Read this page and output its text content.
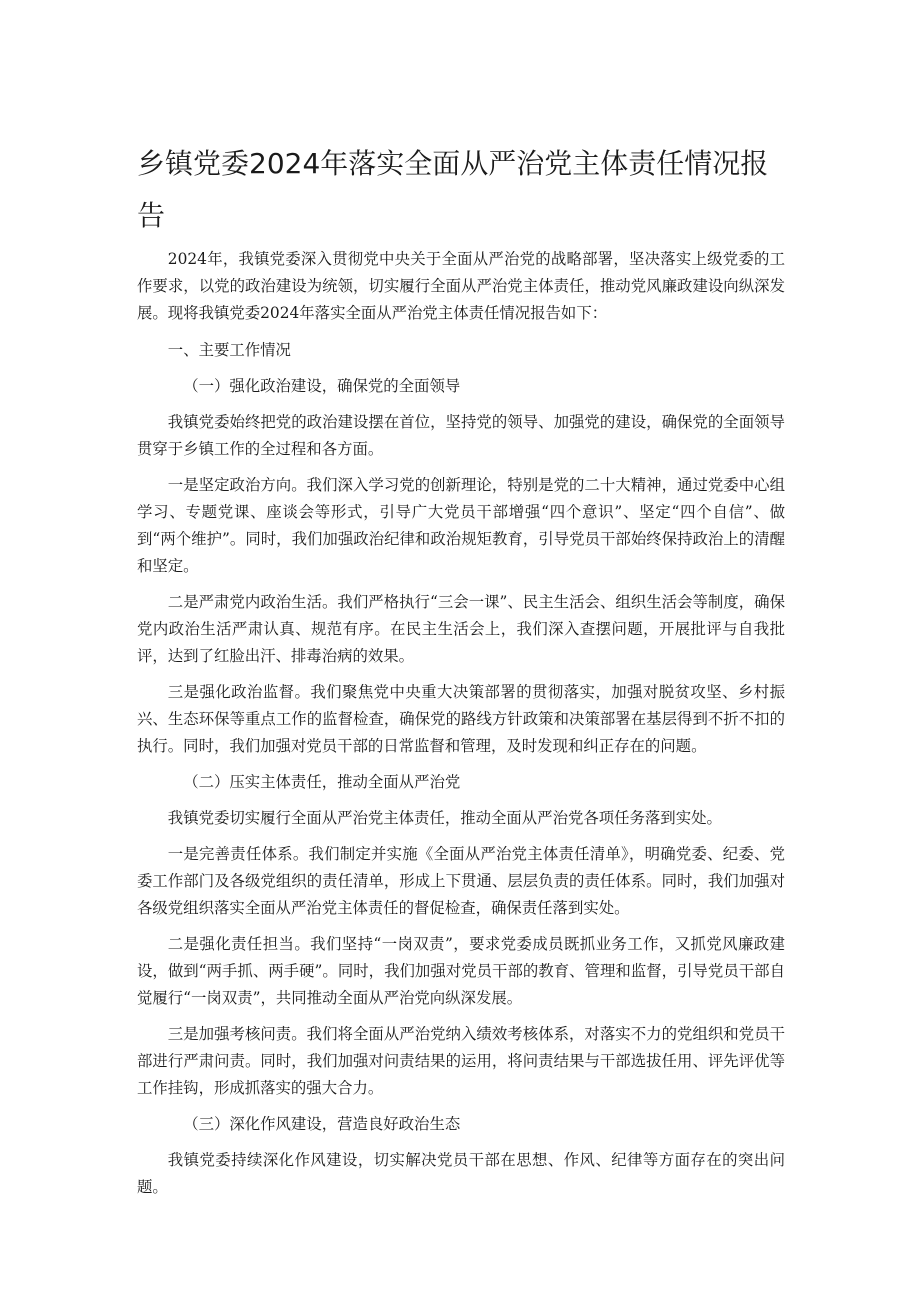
乡镇党委2024年落实全面从严治党主体责任情况报告

2024年，我镇党委深入贯彻党中央关于全面从严治党的战略部署，坚决落实上级党委的工作要求，以党的政治建设为统领，切实履行全面从严治党主体责任，推动党风廉政建设向纵深发展。现将我镇党委2024年落实全面从严治党主体责任情况报告如下：

一、主要工作情况

（一）强化政治建设，确保党的全面领导

我镇党委始终把党的政治建设摆在首位，坚持党的领导、加强党的建设，确保党的全面领导贯穿于乡镇工作的全过程和各方面。

一是坚定政治方向。我们深入学习党的创新理论，特别是党的二十大精神，通过党委中心组学习、专题党课、座谈会等形式，引导广大党员干部增强“四个意识”、坚定“四个自信”、做到“两个维护”。同时，我们加强政治纪律和政治规矩教育，引导党员干部始终保持政治上的清醒和坚定。

二是严肃党内政治生活。我们严格执行“三会一课”、民主生活会、组织生活会等制度，确保党内政治生活严肃认真、规范有序。在民主生活会上，我们深入查摆问题，开展批评与自我批评，达到了红脸出汗、排毒治病的效果。

三是强化政治监督。我们聚焦党中央重大决策部署的贯彻落实，加强对脱贫攻坚、乡村振兴、生态环保等重点工作的监督检查，确保党的路线方针政策和决策部署在基层得到不折不扣的执行。同时，我们加强对党员干部的日常监督和管理，及时发现和纠正存在的问题。

（二）压实主体责任，推动全面从严治党

我镇党委切实履行全面从严治党主体责任，推动全面从严治党各项任务落到实处。

一是完善责任体系。我们制定并实施《全面从严治党主体责任清单》，明确党委、纪委、党委工作部门及各级党组织的责任清单，形成上下贯通、层层负责的责任体系。同时，我们加强对各级党组织落实全面从严治党主体责任的督促检查，确保责任落到实处。

二是强化责任担当。我们坚持“一岗双责”，要求党委成员既抓业务工作，又抓党风廉政建设，做到“两手抓、两手硬”。同时，我们加强对党员干部的教育、管理和监督，引导党员干部自觉履行“一岗双责”，共同推动全面从严治党向纵深发展。

三是加强考核问责。我们将全面从严治党纳入绩效考核体系，对落实不力的党组织和党员干部进行严肃问责。同时，我们加强对问责结果的运用，将问责结果与干部选拔任用、评先评优等工作挂钩，形成抓落实的强大合力。

（三）深化作风建设，营造良好政治生态

我镇党委持续深化作风建设，切实解决党员干部在思想、作风、纪律等方面存在的突出问题。
